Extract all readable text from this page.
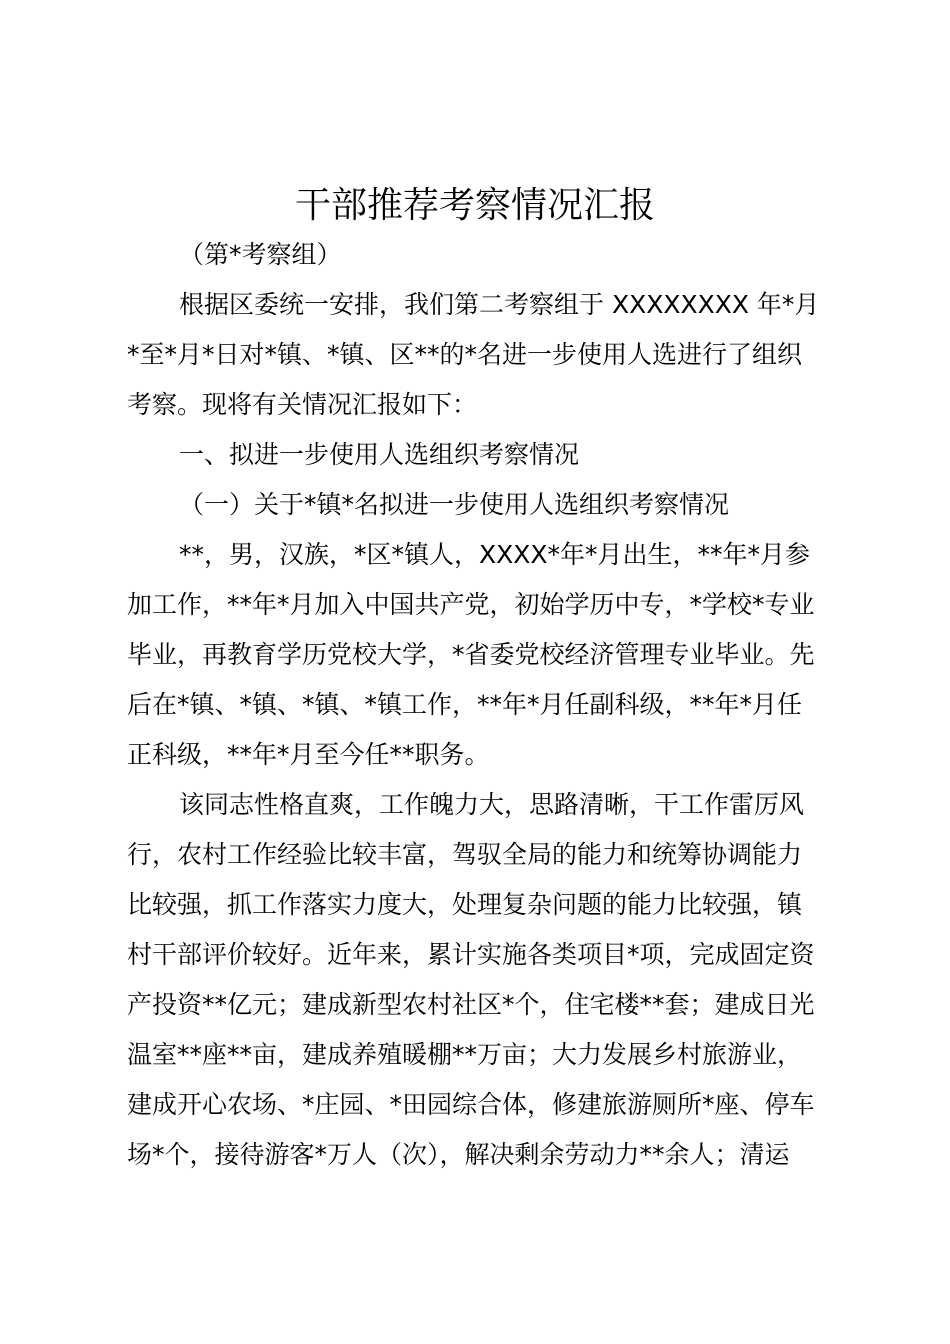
干部推荐考察情况汇报
（第*考察组）
根据区委统一安排，我们第二考察组于 XXXXXXXX 年*月
*至*月*日对*镇、*镇、区**的*名进一步使用人选进行了组织
考察。现将有关情况汇报如下：
一、拟进一步使用人选组织考察情况
（一）关于*镇*名拟进一步使用人选组织考察情况
**，男，汉族，*区*镇人，XXXX*年*月出生，**年*月参
加工作，**年*月加入中国共产党，初始学历中专，*学校*专业
毕业，再教育学历党校大学，*省委党校经济管理专业毕业。先
后在*镇、*镇、*镇、*镇工作，**年*月任副科级，**年*月任
正科级，**年*月至今任**职务。
该同志性格直爽，工作魄力大，思路清晰，干工作雷厉风
行，农村工作经验比较丰富，驾驭全局的能力和统筹协调能力
比较强，抓工作落实力度大，处理复杂问题的能力比较强，镇
村干部评价较好。近年来，累计实施各类项目*项，完成固定资
产投资**亿元；建成新型农村社区*个，住宅楼**套；建成日光
温室**座**亩，建成养殖暖棚**万亩；大力发展乡村旅游业，
建成开心农场、*庄园、*田园综合体，修建旅游厕所*座、停车
场*个，接待游客*万人（次），解决剩余劳动力**余人；清运
